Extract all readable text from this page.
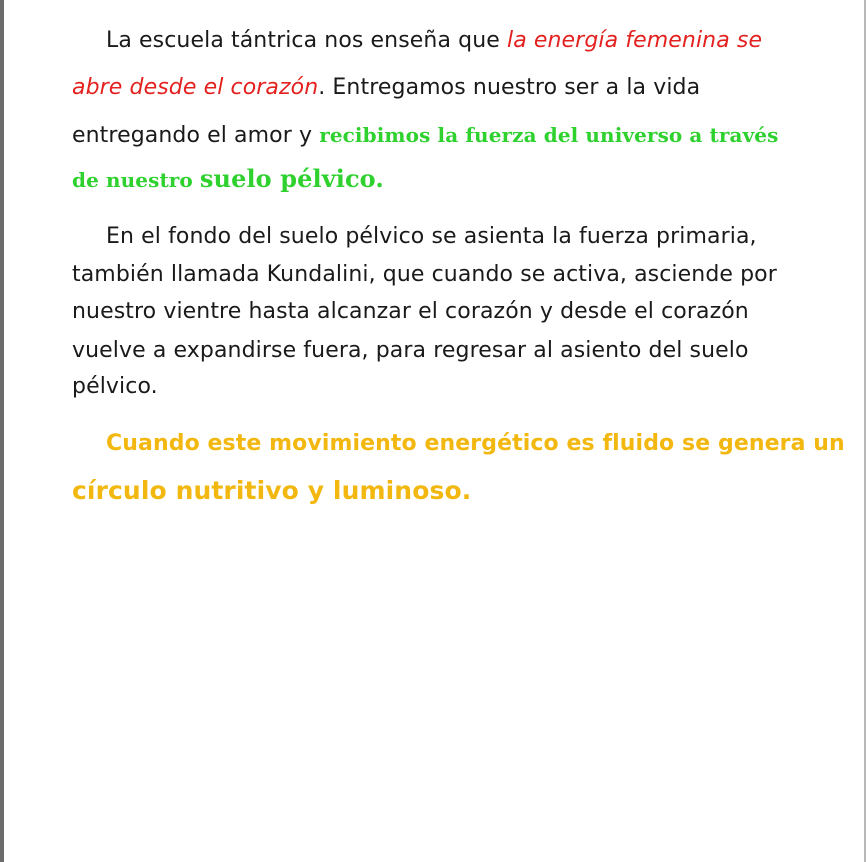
La escuela tántrica nos enseña que la energía femenina se
abre desde el corazón. Entregamos nuestro ser a la vida
entregando el amor y recibimos la fuerza del universo a través
de nuestro suelo pélvico.
En el fondo del suelo pélvico se asienta la fuerza primaria,
también llamada Kundalini, que cuando se activa, asciende por
nuestro vientre hasta alcanzar el corazón y desde el corazón
vuelve a expandirse fuera, para regresar al asiento del suelo
pélvico.
Cuando este movimiento energético es fluido se genera un
círculo nutritivo y luminoso.
